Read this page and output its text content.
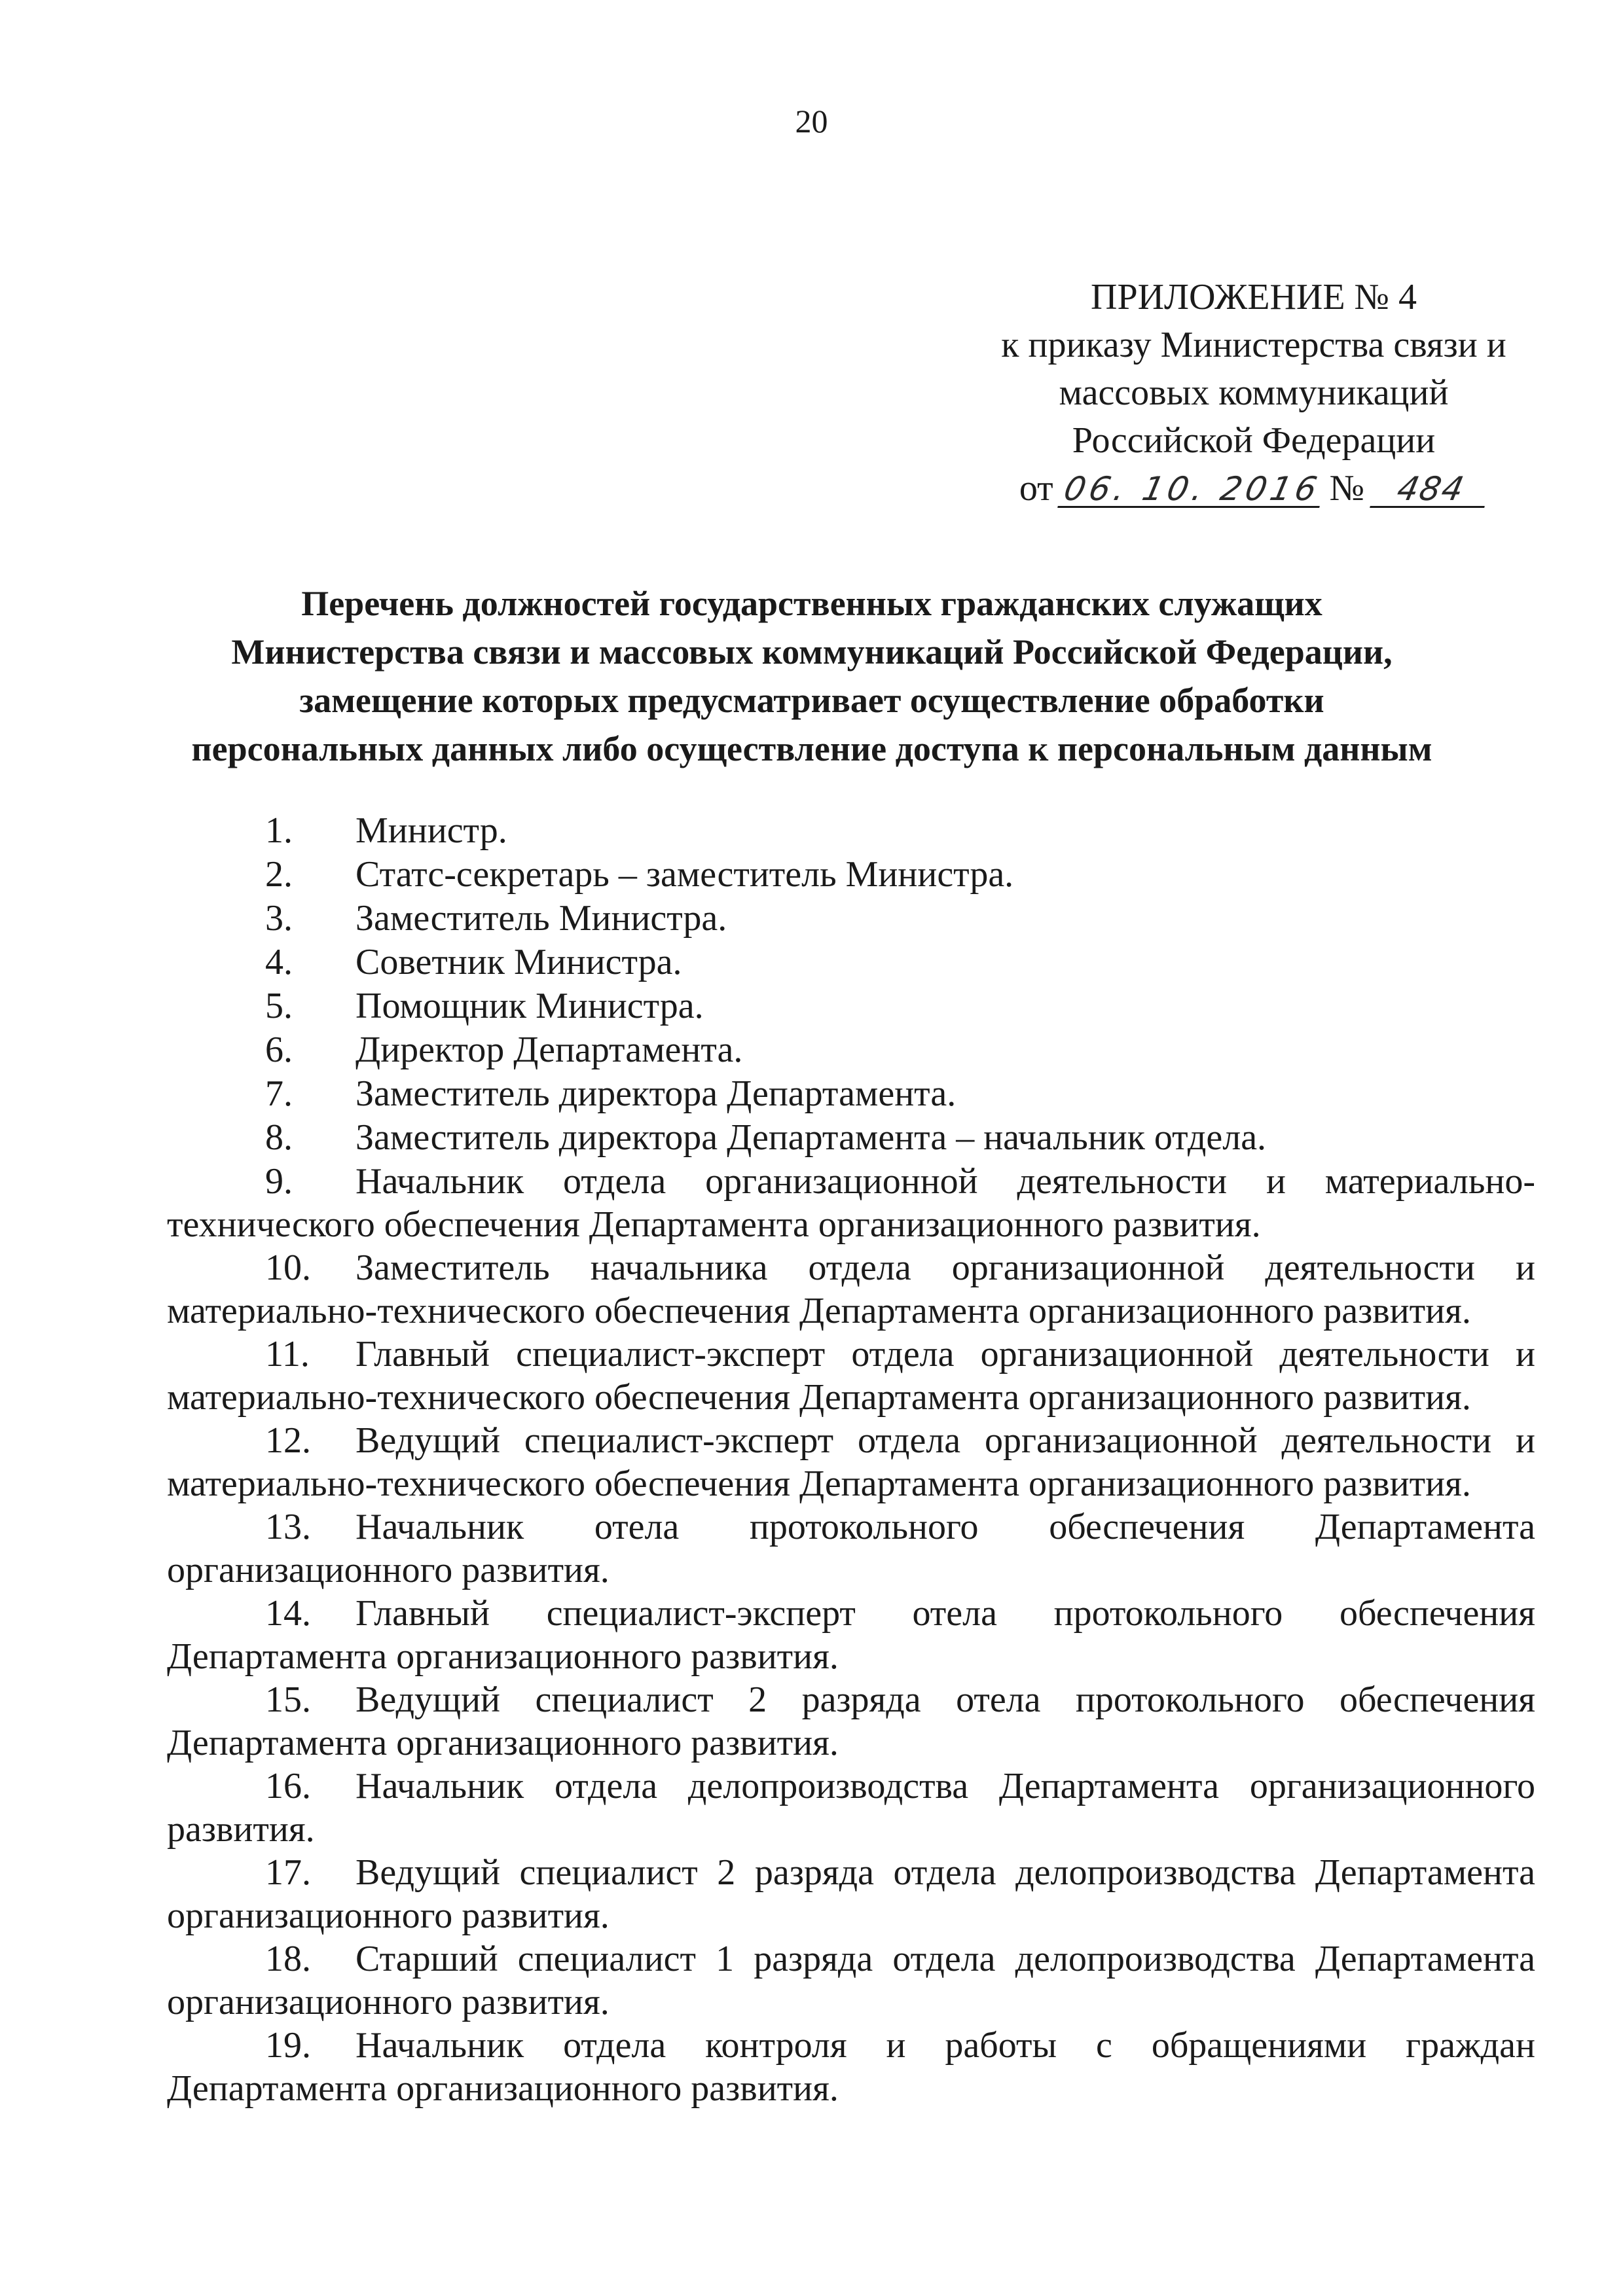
20
ПРИЛОЖЕНИЕ № 4
к приказу Министерства связи и
массовых коммуникаций
Российской Федерации
от 06. 10. 2016 № 484
Перечень должностей государственных гражданских служащих
Министерства связи и массовых коммуникаций Российской Федерации,
замещение которых предусматривает осуществление обработки
персональных данных либо осуществление доступа к персональным данным
1.	Министр.
2.	Статс-секретарь – заместитель Министра.
3.	Заместитель Министра.
4.	Советник Министра.
5.	Помощник Министра.
6.	Директор Департамента.
7.	Заместитель директора Департамента.
8.	Заместитель директора Департамента – начальник отдела.
9. Начальник отдела организационной деятельности и материально-технического обеспечения Департамента организационного развития.
10. Заместитель начальника отдела организационной деятельности и материально-технического обеспечения Департамента организационного развития.
11. Главный специалист-эксперт отдела организационной деятельности и материально-технического обеспечения Департамента организационного развития.
12. Ведущий специалист-эксперт отдела организационной деятельности и материально-технического обеспечения Департамента организационного развития.
13. Начальник отела протокольного обеспечения Департамента организационного развития.
14. Главный специалист-эксперт отела протокольного обеспечения Департамента организационного развития.
15. Ведущий специалист 2 разряда отела протокольного обеспечения Департамента организационного развития.
16. Начальник отдела делопроизводства Департамента организационного развития.
17. Ведущий специалист 2 разряда отдела делопроизводства Департамента организационного развития.
18. Старший специалист 1 разряда отдела делопроизводства Департамента организационного развития.
19. Начальник отдела контроля и работы с обращениями граждан Департамента организационного развития.
